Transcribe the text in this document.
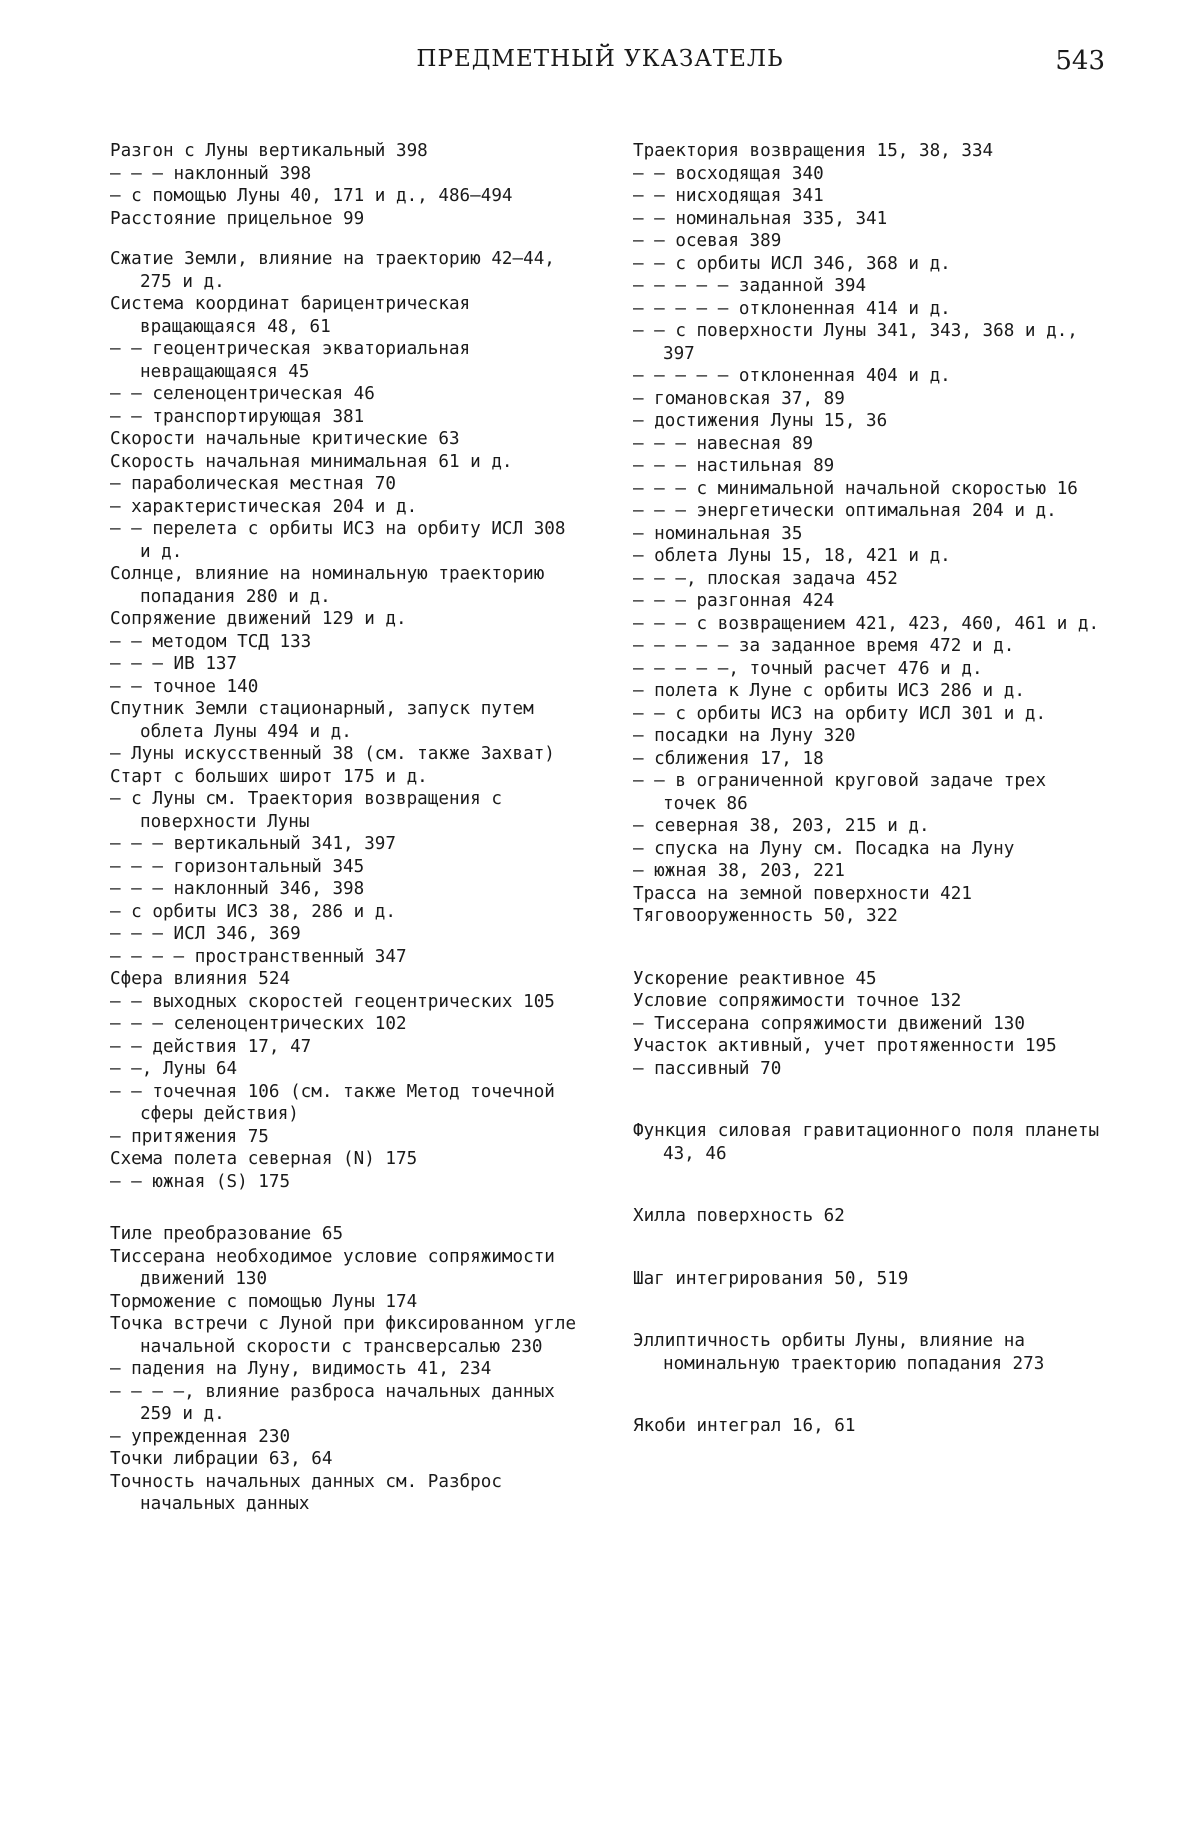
ПРЕДМЕТНЫЙ УКАЗАТЕЛЬ	543

Разгон с Луны вертикальный 398

— — — наклонный 398

— с помощью Луны 40, 171 и д., 486—494

Расстояние прицельное 99

Сжатие Земли, влияние на траекторию 42—44, 275 и д.

Система координат барицентрическая вращающаяся 48, 61

— — геоцентрическая экваториальная невращающаяся 45

— — селеноцентрическая 46

— — транспортирующая 381

Скорости начальные критические 63

Скорость начальная минимальная 61 и д.

— параболическая местная 70

— характеристическая 204 и д.

— — перелета с орбиты ИСЗ на орбиту ИСЛ 308 и д.

Солнце, влияние на номинальную траекторию попадания 280 и д.

Сопряжение движений 129 и д.

— — методом ТСД 133

— — — ИВ 137

— — точное 140

Спутник Земли стационарный, запуск путем облета Луны 494 и д.

— Луны искусственный 38 (см. также Захват)

Старт с больших широт 175 и д.

— с Луны см. Траектория возвращения с поверхности Луны

— — — вертикальный 341, 397

— — — горизонтальный 345

— — — наклонный 346, 398

— с орбиты ИСЗ 38, 286 и д.

— — — ИСЛ 346, 369

— — — — пространственный 347

Сфера влияния 524

— — выходных скоростей геоцентрических 105

— — — селеноцентрических 102

— — действия 17, 47

— —, Луны 64

— — точечная 106 (см. также Метод точечной сферы действия)

— притяжения 75

Схема полета северная (N) 175

— — южная (S) 175

Тиле преобразование 65

Тиссерана необходимое условие сопряжимости движений 130

Торможение с помощью Луны 174

Точка встречи с Луной при фиксированном угле начальной скорости с трансверсалью 230

— падения на Луну, видимость 41, 234

— — — —, влияние разброса начальных данных 259 и д.

— упрежденная 230

Точки либрации 63, 64

Точность начальных данных см. Разброс начальных данных

Траектория возвращения 15, 38, 334

— — восходящая 340

— — нисходящая 341

— — номинальная 335, 341

— — осевая 389

— — с орбиты ИСЛ 346, 368 и д.

— — — — — заданной 394

— — — — — отклоненная 414 и д.

— — с поверхности Луны 341, 343, 368 и д., 397

— — — — — отклоненная 404 и д.

— гомановская 37, 89

— достижения Луны 15, 36

— — — навесная 89

— — — настильная 89

— — — с минимальной начальной скоростью 16

— — — энергетически оптимальная 204 и д.

— номинальная 35

— облета Луны 15, 18, 421 и д.

— — —, плоская задача 452

— — — разгонная 424

— — — с возвращением 421, 423, 460, 461 и д.

— — — — — за заданное время 472 и д.

— — — — —, точный расчет 476 и д.

— полета к Луне с орбиты ИСЗ 286 и д.

— — с орбиты ИСЗ на орбиту ИСЛ 301 и д.

— посадки на Луну 320

— сближения 17, 18

— — в ограниченной круговой задаче трех точек 86

— северная 38, 203, 215 и д.

— спуска на Луну см. Посадка на Луну

— южная 38, 203, 221

Трасса на земной поверхности 421

Тяговооруженность 50, 322

Ускорение реактивное 45

Условие сопряжимости точное 132

— Тиссерана сопряжимости движений 130

Участок активный, учет протяженности 195

— пассивный 70

Функция силовая гравитационного поля планеты 43, 46

Хилла поверхность 62

Шаг интегрирования 50, 519

Эллиптичность орбиты Луны, влияние на номинальную траекторию попадания 273

Якоби интеграл 16, 61
